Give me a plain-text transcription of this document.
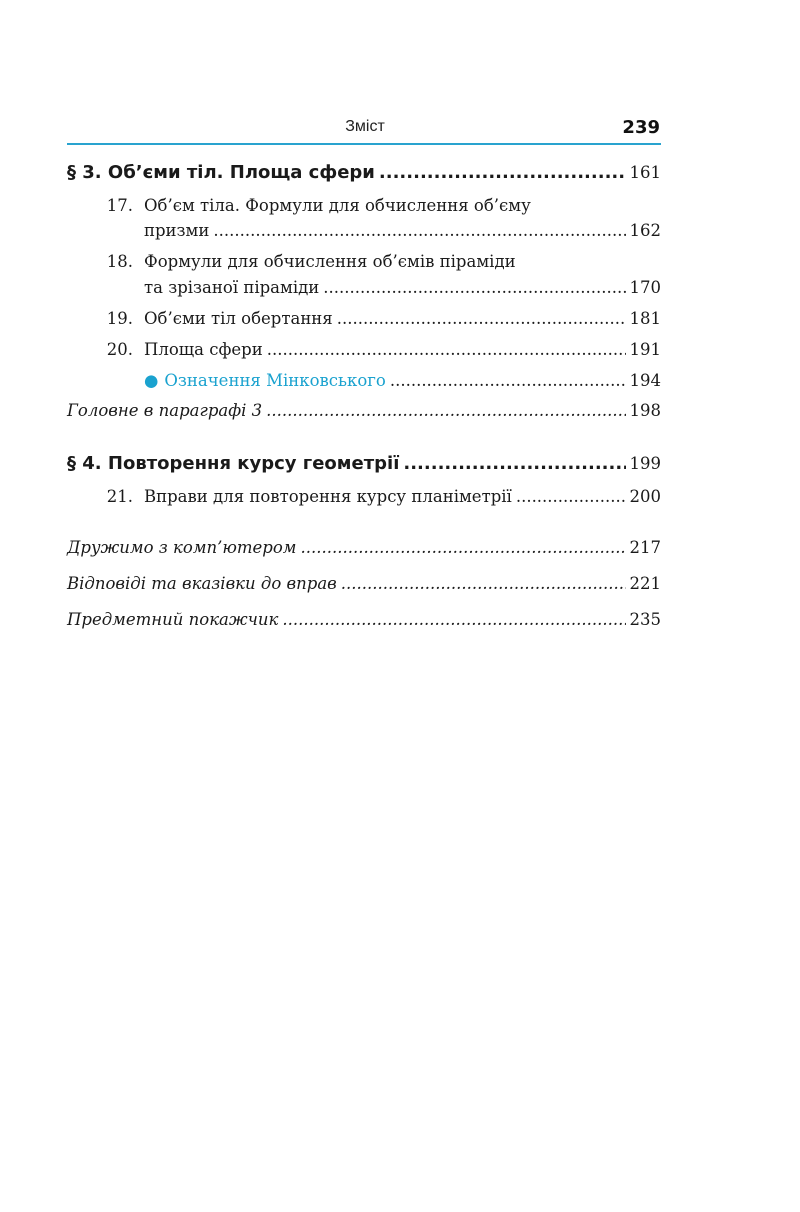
Зміст	239
§ 3. Об’єми тіл. Площа сфери .....	161
17. Об’єм тіла. Формули для обчислення об’єму
призми .....	162
18. Формули для обчислення об’ємів піраміди
та зрізаної піраміди .....	170
19. Об’єми тіл обертання .....	181
20. Площа сфери .....	191
● Означення Мінковського .....	194
Головне в параграфі 3 .....	198
§ 4. Повторення курсу геометрії .....	199
21. Вправи для повторення курсу планіметрії .....	200
Дружимо з комп’ютером .....	217
Відповіді та вказівки до вправ .....	221
Предметний покажчик .....	235
